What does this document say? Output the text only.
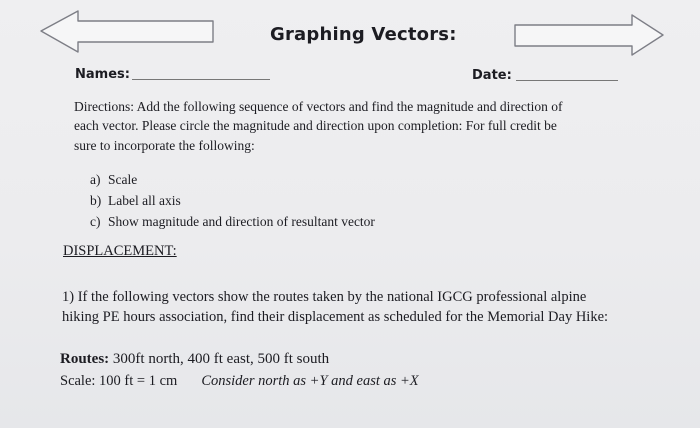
Graphing Vectors:
Names:	Date:
Directions: Add the following sequence of vectors and find the magnitude and direction of
each vector. Please circle the magnitude and direction upon completion: For full credit be
sure to incorporate the following:
a) Scale
b) Label all axis
c) Show magnitude and direction of resultant vector
DISPLACEMENT:
1) If the following vectors show the routes taken by the national IGCG professional alpine
hiking PE hours association, find their displacement as scheduled for the Memorial Day Hike:
Routes: 300ft north, 400 ft east, 500 ft south
Scale: 100 ft = 1 cm Consider north as +Y and east as +X
